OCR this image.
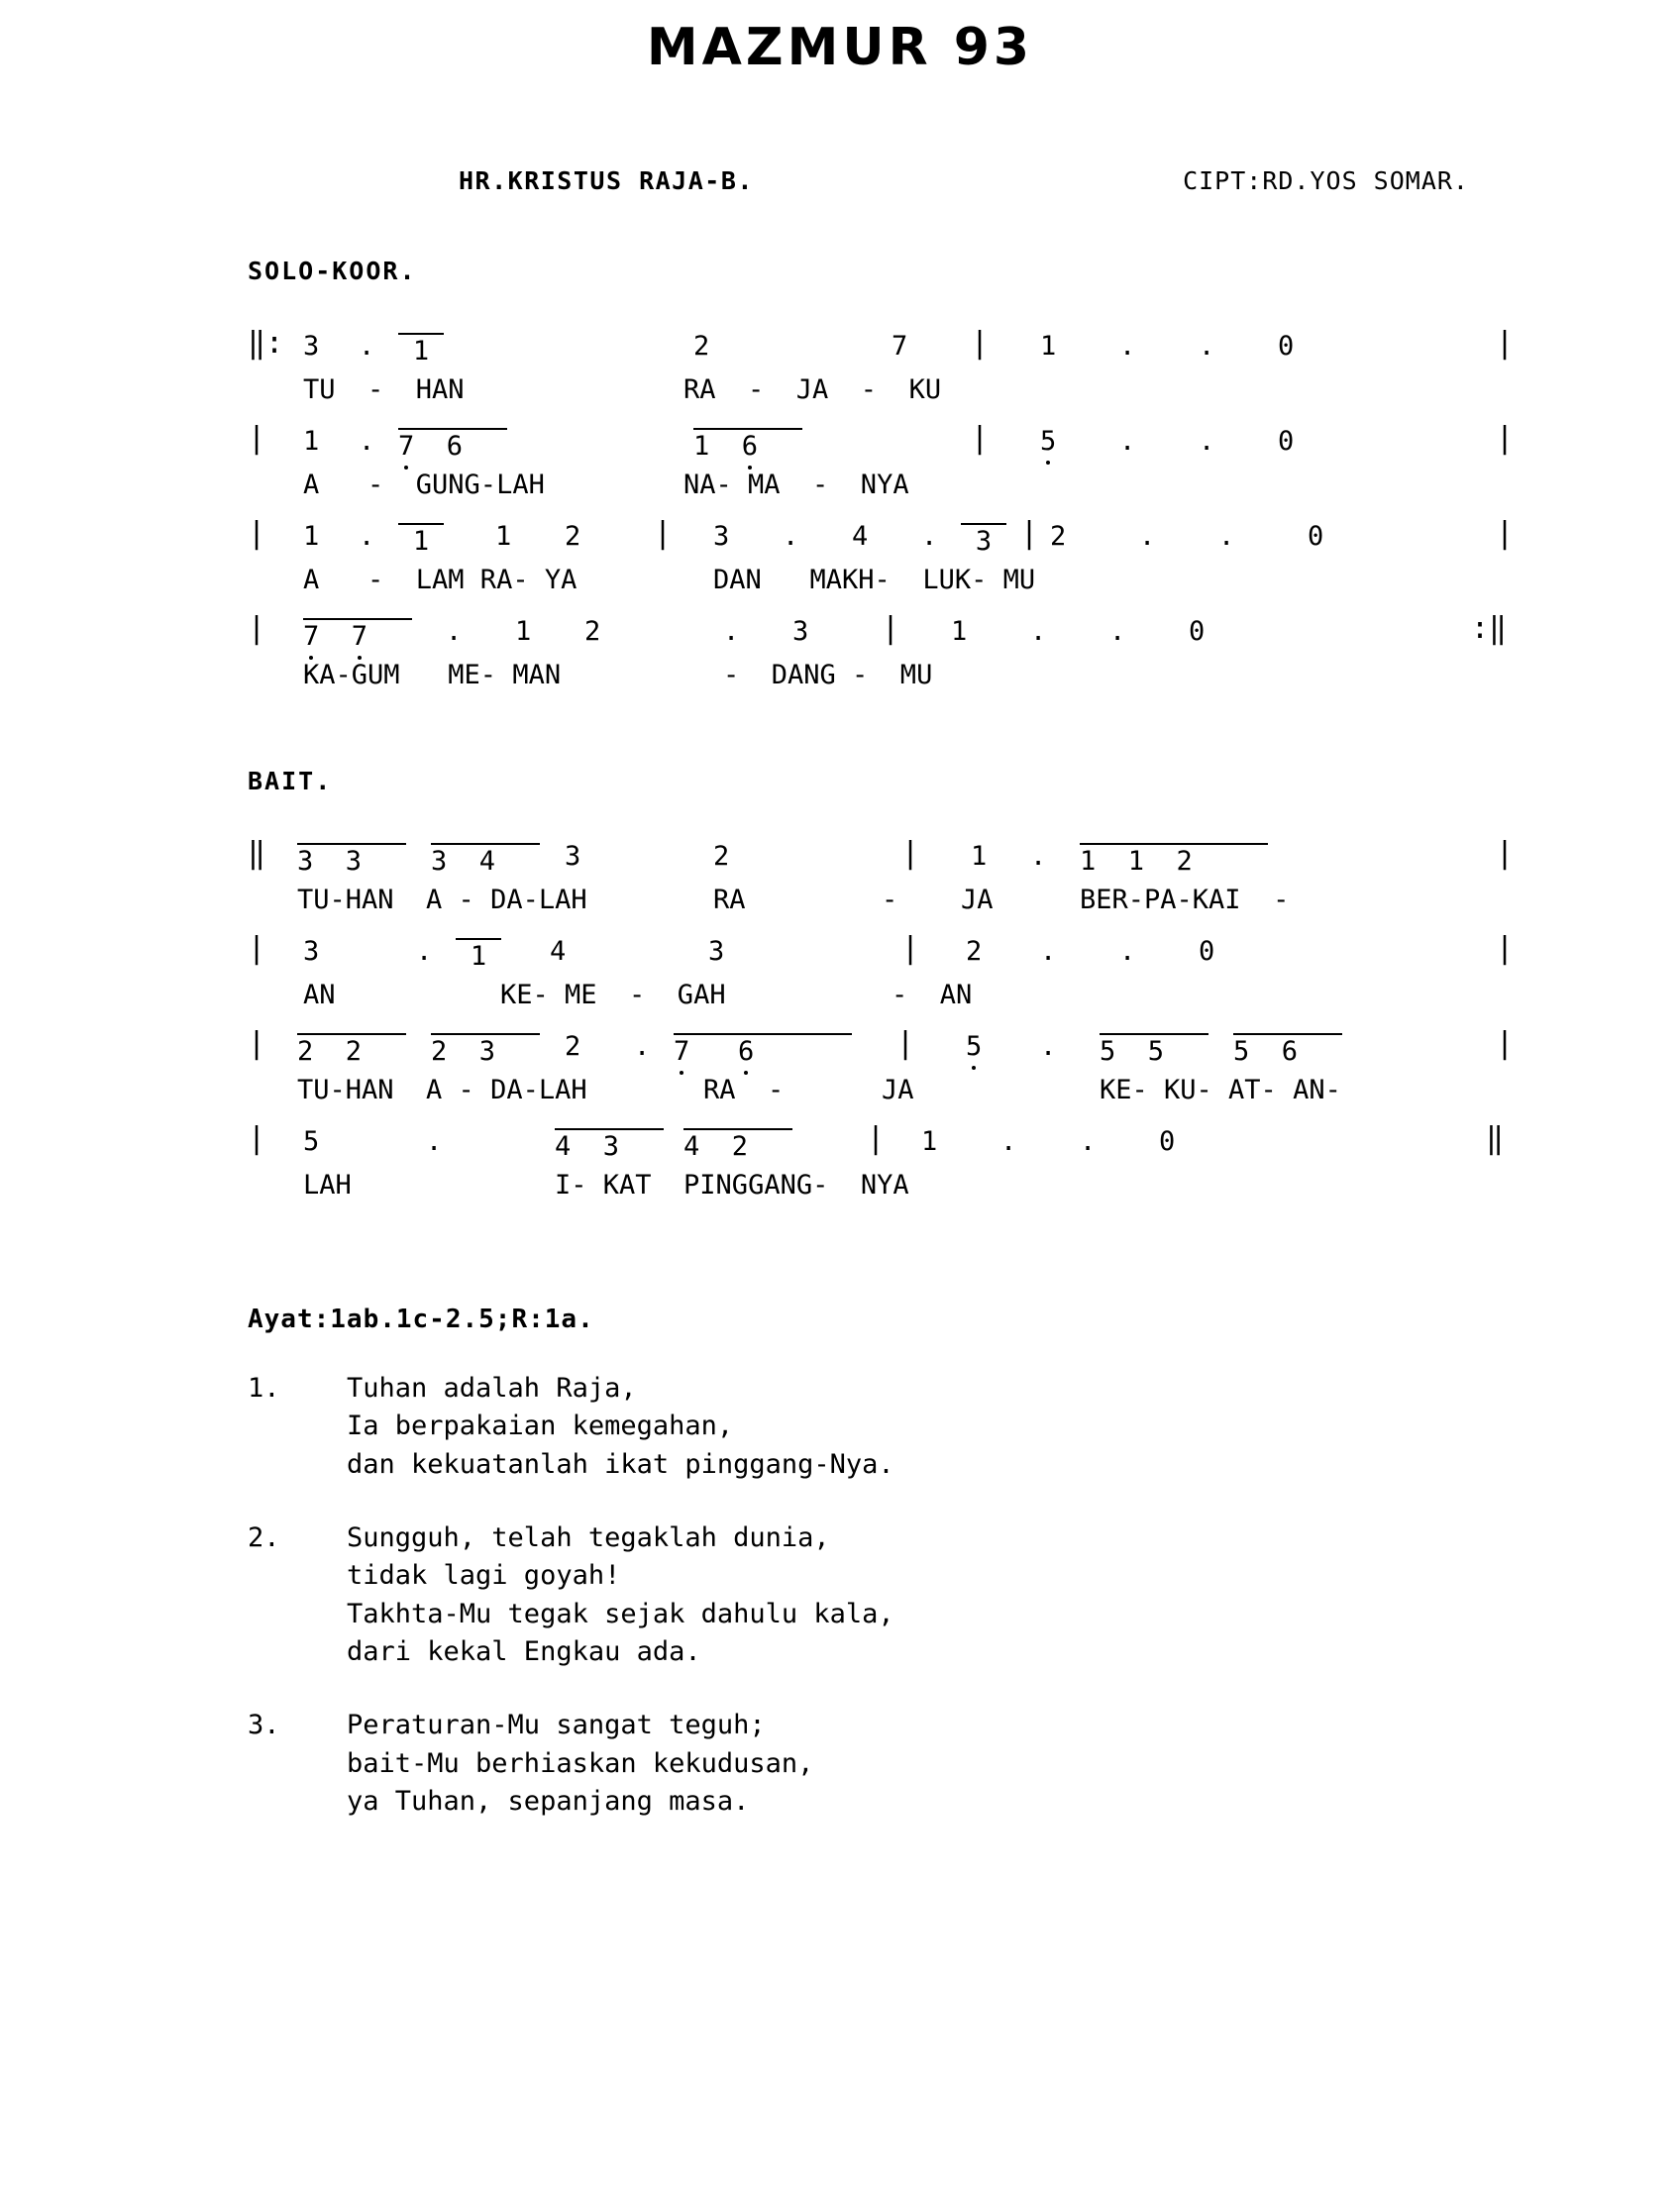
MAZMUR 93
HR.KRISTUS RAJA-B.	CIPT:RD.YOS SOMAR.
SOLO-KOOR.
‖: 3 .	1	2	7 | 1 . . 0	|
TU  -  HAN	RA  -  JA  -  KU
| 1 . 7  6	1  6	| 5 . . 0	|
A   -  GUNG-LAH	NA- MA  -  NYA
| 1 .	1	1 2 | 3 . 4 .	3 | 2	. .	0	|
A   -  LAM RA- YA	DAN   MAKH-  LUK- MU
| 7 7	. 1 2	. 3 | 1 . . 0	:‖
KA-GUM   ME- MAN	-  DANG -  MU
BAIT.
‖ 3  3	3  4	3	2	| 1 . 1  1  2	|
TU-HAN  A - DA-LAH	RA	- JA	BER-PA-KAI  -
| 3	.	1	4	3	| 2 . . 0	|
AN	KE- ME  -  GAH	-  AN
| 2  2	2  3	2 . 7 6	| 5 . 5  5	5  6	|
TU-HAN  A - DA-LAH	RA  -	JA	KE- KU- AT- AN-
| 5	.	4  3	4  2	| 1 . . 0	‖
LAH	I- KAT  PINGGANG-  NYA
Ayat:1ab.1c-2.5;R:1a.
1.	Tuhan adalah Raja,
Ia berpakaian kemegahan,
dan kekuatanlah ikat pinggang-Nya.
2.	Sungguh, telah tegaklah dunia,
tidak lagi goyah!
Takhta-Mu tegak sejak dahulu kala,
dari kekal Engkau ada.
3.	Peraturan-Mu sangat teguh;
bait-Mu berhiaskan kekudusan,
ya Tuhan, sepanjang masa.
